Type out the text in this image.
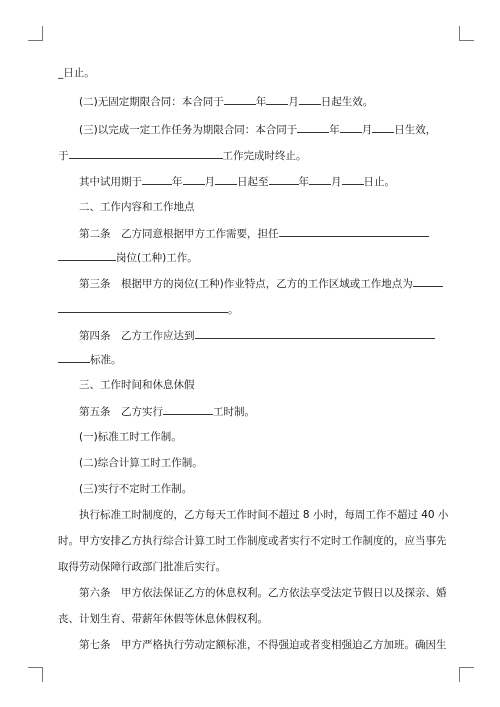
_日止。
(二)无固定期限合同：本合同于	年 月 日起生效。
(三)以完成一定工作任务为期限合同：本合同于	年 月 日生效，
于	工作完成时终止。
其中试用期于	年 月 日起至	年 月 日止。
二、工作内容和工作地点
第二条　乙方同意根据甲方工作需要，担任
岗位(工种)工作。
第三条　根据甲方的岗位(工种)作业特点，乙方的工作区域或工作地点为
。
第四条　乙方工作应达到
标准。
三、工作时间和休息休假
第五条　乙方实行	工时制。
(一)标准工时工作制。
(二)综合计算工时工作制。
(三)实行不定时工作制。
执行标准工时制度的，乙方每天工作时间不超过 8 小时，每周工作不超过 40 小
时。甲方安排乙方执行综合计算工时工作制度或者实行不定时工作制度的，应当事先
取得劳动保障行政部门批准后实行。
第六条　甲方依法保证乙方的休息权利。乙方依法享受法定节假日以及探亲、婚
丧、计划生育、带薪年休假等休息休假权利。
第七条　甲方严格执行劳动定额标准，不得强迫或者变相强迫乙方加班。确因生
